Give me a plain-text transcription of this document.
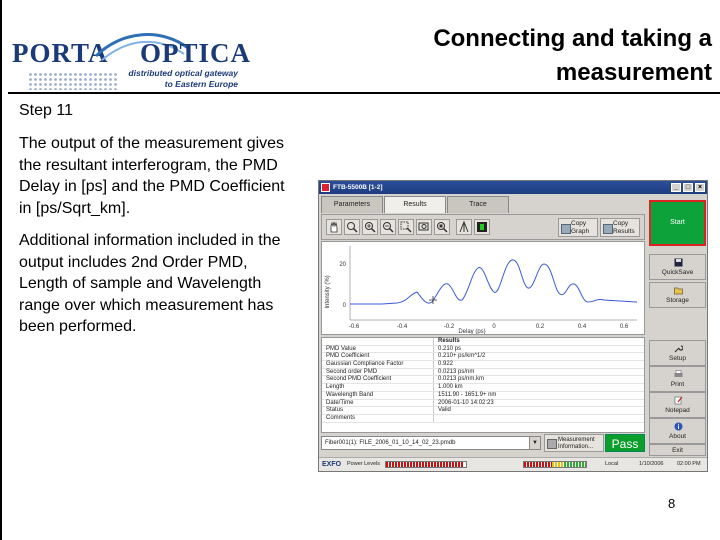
PORTA OPTICA
distributed optical gateway
to Eastern Europe
Connecting and taking a
measurement
Step 11
The output of the measurement gives the resultant interferogram, the PMD Delay in [ps] and the PMD Coefficient in [ps/Sqrt_km].
Additional information included in the output includes 2nd Order PMD, Length of sample and Wavelength range over which measurement has been performed.
8
FTB-5500B [1-2]	_	□	×
Parameters	Results	Trace
Copy Graph
Copy Results
Intensity (%)
20
0
-0.6	-0.4	-0.2	0	0.2	0.4	0.6
Delay (ps)
Results
PMD Value	0.210 ps
PMD Coefficient	0.210+ ps/km^1/2
Gaussian Compliance Factor	0.922
Second order PMD	0.0213 ps/nm
Second PMD Coefficient	0.0213 ps/nm.km
Length	1.000 km
Wavelength Band	1511.90 - 1651.9+ nm
Date/Time	2006-01-10 14:02:23
Status	Valid
Comments
Fiber001(1): FILE_2006_01_10_14_02_23.pmdb	▼	Measurement Information...	Pass
Start
QuickSave
Storage
Setup
Print
Notepad
About
Exit
EXFO Power Levels	Local	1/10/2006 02:00 PM
